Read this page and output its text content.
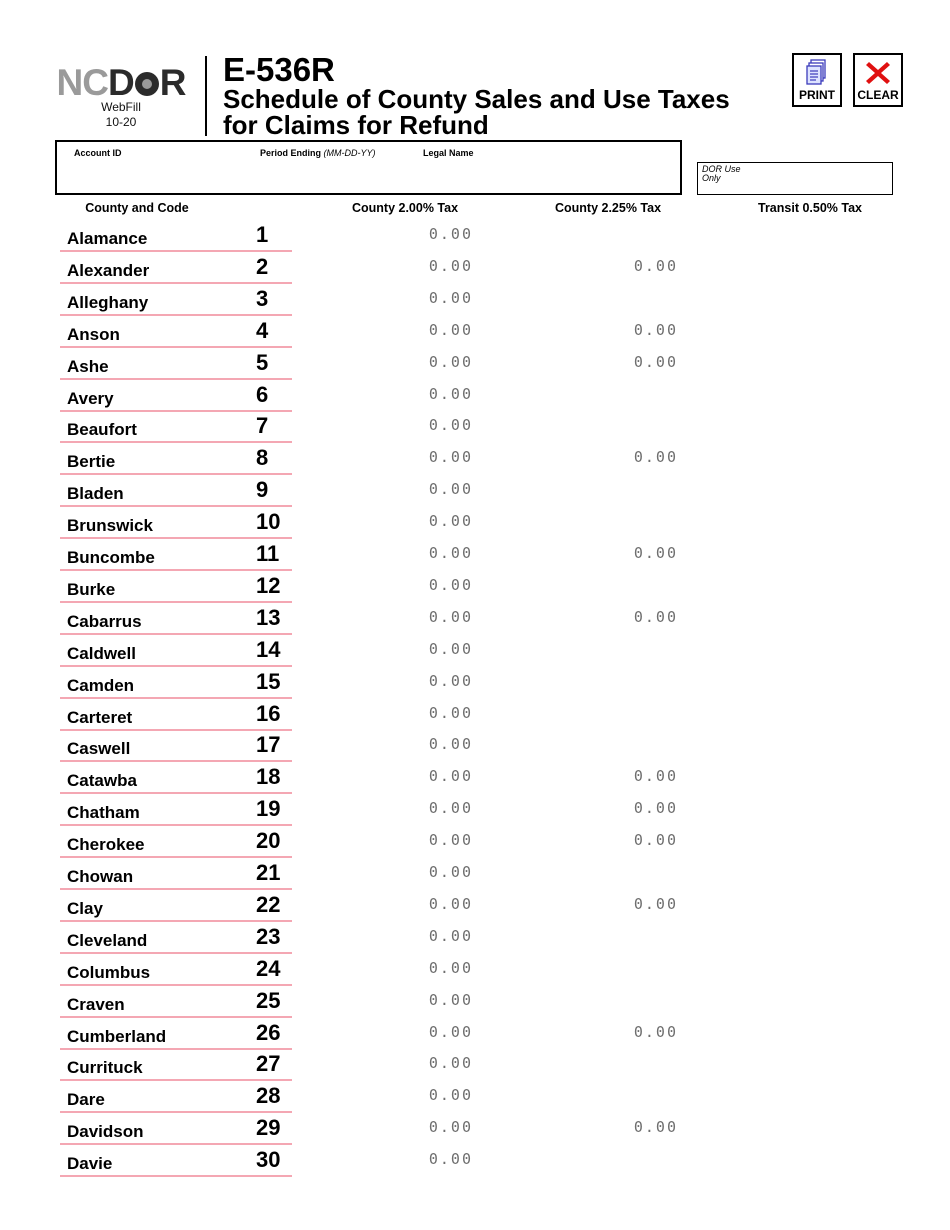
NCD R
WebFill
10-20
E-536R
Schedule of County Sales and Use Taxes
for Claims for Refund
PRINT	CLEAR
Account ID	Period Ending (MM-DD-YY)	Legal Name
DOR Use Only
County and Code	County 2.00% Tax	County 2.25% Tax	Transit 0.50% Tax
Alamance	1	0.00
Alexander	2	0.00	0.00
Alleghany	3	0.00
Anson	4	0.00	0.00
Ashe	5	0.00	0.00
Avery	6	0.00
Beaufort	7	0.00
Bertie	8	0.00	0.00
Bladen	9	0.00
Brunswick	10	0.00
Buncombe	11	0.00	0.00
Burke	12	0.00
Cabarrus	13	0.00	0.00
Caldwell	14	0.00
Camden	15	0.00
Carteret	16	0.00
Caswell	17	0.00
Catawba	18	0.00	0.00
Chatham	19	0.00	0.00
Cherokee	20	0.00	0.00
Chowan	21	0.00
Clay	22	0.00	0.00
Cleveland	23	0.00
Columbus	24	0.00
Craven	25	0.00
Cumberland	26	0.00	0.00
Currituck	27	0.00
Dare	28	0.00
Davidson	29	0.00	0.00
Davie	30	0.00
